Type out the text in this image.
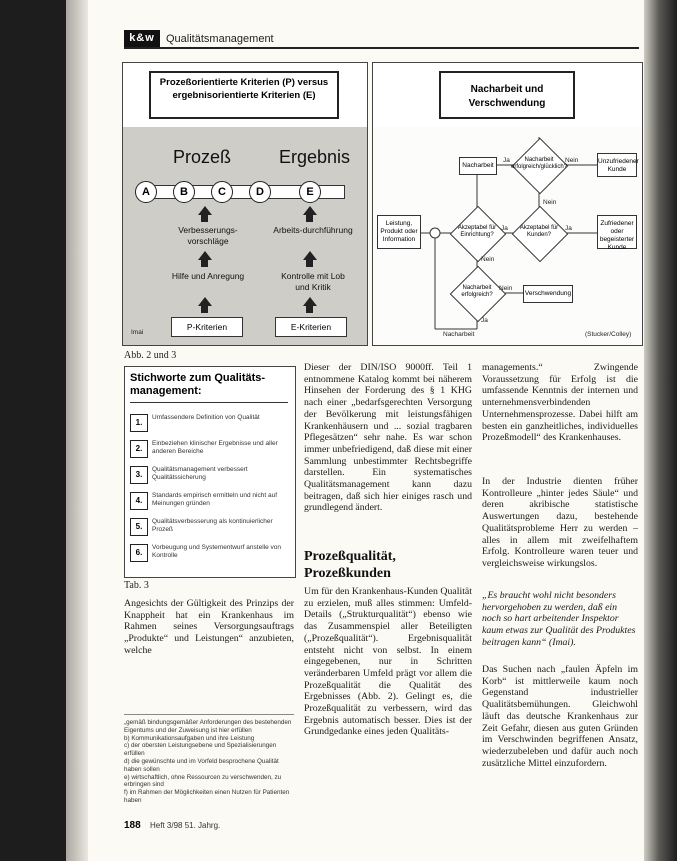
k&w	Qualitätsmanagement
Prozeßorientierte Kriterien (P) versus ergebnisorientierte Kriterien (E)
Prozeß	Ergebnis
A	B	C	D	E
Verbesserungs-vorschläge
Arbeits-durchführung
Hilfe und Anregung	Kontrolle mit Lob und Kritik
P-Kriterien	E-Kriterien
Imai
Nacharbeit und Verschwendung
Leistung, Produkt oder Information
Nacharbeit
Unzufriedener Kunde
Zufriedener oder begeisterter Kunde
Verschwendung
Nacharbeit erfolgreich/glücklich?
Akzeptabel für Einrichtung?
Akzeptabel für Kunden?
Nacharbeit erfolgreich?
Nein
Nein
Ja	Ja
Nein
Ja	Nein
Ja
Nacharbeit	(Stucker/Colley)
Abb. 2 und 3
Stichworte zum Qualitäts-management:
1.
Umfassendere Definition von Qualität
2.
Einbeziehen klinischer Ergebnisse und aller anderen Bereiche
3.
Qualitätsmanagement verbessert Qualitätssicherung
4.
Standards empirisch ermitteln und nicht auf Meinungen gründen
5.
Qualitätsverbesserung als kontinuierlicher Prozeß
6.
Vorbeugung und Systementwurf anstelle von Kontrolle
Tab. 3

Angesichts der Gültigkeit des Prinzips der Knappheit hat ein Krankenhaus im Rahmen seines Versorgungsauftrags „Produkte“ und Leistungen“ anzubieten, welche

„gemäß bindungsgemäßer Anforderungen des bestehenden Eigentums und der Zuweisung ist hier erfüllen
b) Kommunikationsaufgaben und ihre Leistung
c) der obersten Leistungsebene und Spezialisierungen erfüllen
d) die gewünschte und im Vorfeld besprochene Qualität haben sollen
e) wirtschaftlich, ohne Ressourcen zu verschwenden, zu erbringen sind
f) im Rahmen der Möglichkeiten einen Nutzen für Patienten haben

Dieser der DIN/ISO 9000ff. Teil 1 entnommene Katalog kommt bei näherem Hinsehen der Forderung des § 1 KHG nach einer „bedarfsgerechten Versorgung der Bevölkerung mit leistungsfähigen Krankenhäusern und ... sozial tragbaren Pflegesätzen“ sehr nahe. Es war schon immer unbefriedigend, daß diese mit einer Sammlung unbestimmter Rechtsbegriffe darstellen. Ein systematisches Qualitätsmanagement kann dazu beitragen, daß sich hier einiges rasch und grundlegend ändert.

Prozeßqualität, Prozeßkunden

Um für den Krankenhaus-Kunden Qualität zu erzielen, muß alles stimmen: Umfeld-Details („Strukturqualität“) ebenso wie das Zusammenspiel aller Beteiligten („Prozeßqualität“). Ergebnisqualität entsteht nicht von selbst. In einem eingegebenen, nur in Schritten veränderbaren Umfeld prägt vor allem die Prozeßqualität die Qualität des Ergebnisses (Abb. 2). Gelingt es, die Prozeßqualität zu verbessern, wird das Ergebnis automatisch besser. Dies ist der Grundgedanke eines jeden Qualitäts-

managements.“ Zwingende Voraussetzung für Erfolg ist die umfassende Kenntnis der internen und unternehmensverbindenden Unternehmensprozesse. Dabei hilft am besten ein ganzheitliches, individuelles Prozeßmodell“ des Krankenhauses.

In der Industrie dienten früher Kontrolleure „hinter jedes Säule“ und deren akribische statistische Auswertungen dazu, bestehende Qualitätsprobleme Herr zu werden – alles in allem mit zweifelhaftem Erfolg. Kontrolleure waren teuer und vergleichsweise wirkungslos.

„Es braucht wohl nicht besonders hervorgehoben zu werden, daß ein noch so hart arbeitender Inspektor kaum etwas zur Qualität des Produktes beitragen kann“ (Imai).

Das Suchen nach „faulen Äpfeln im Korb“ ist mittlerweile kaum noch Gegenstand industrieller Qualitätsbemühungen. Gleichwohl läuft das deutsche Krankenhaus zur Zeit Gefahr, diesen aus guten Gründen im Verschwinden begriffenen Ansatz, wiederzubeleben und dafür auch noch zusätzliche Mittel einzufordern.

188 Heft 3/98 51. Jahrg.
